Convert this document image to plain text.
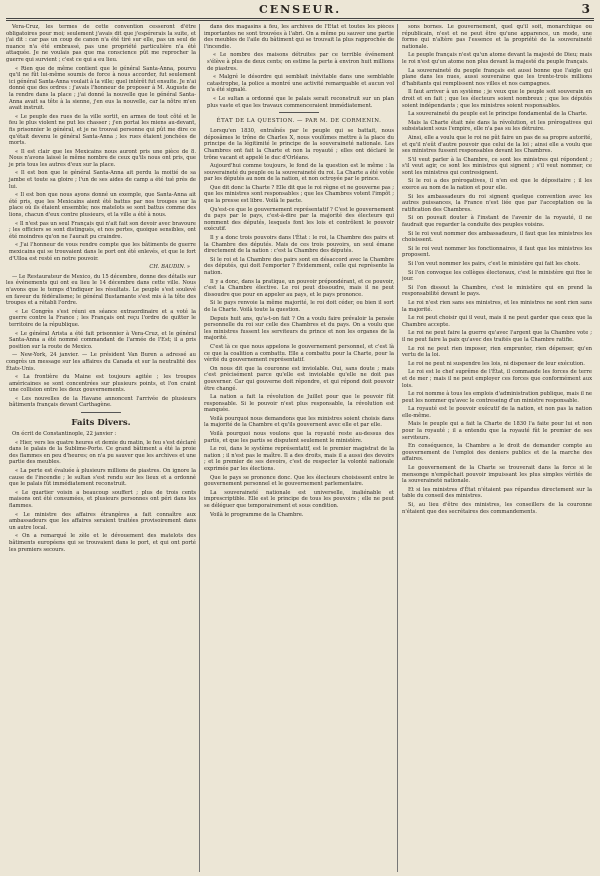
CENSEUR.	3

Vera-Cruz, les termes de cette convention cesseront d'être obligatoires pour moi; seulement j'avais dit que j'espérerais la suite, et j'ai dit : car pas un coup de canon n'a été tiré sur elle, pas un seul de nuance n'a été embrassé, pas une propriété particulière n'a été attaquée. Je ne voulais pas que ma conscience pût me reprocher la guerre qui survient ; c'est ce qui a eu lieu.

« Rien que de même contient que le général Santa-Anna, pourvu qu'il ne fût lui-même soumis de force à nous accorder, fut seulement ici général Santa-Anna voulait à la ville; quel intérêt fut ensuite. Je n'ai donné que des ordres : j'avais l'honneur de proposer à M. Auguste de la rendre dans la place ; j'ai donné la nouvelle que le général Santa-Anna avait sa tête à la sienne, j'en eus la nouvelle, car la nôtre m'en avait instruit.

« Le peuple des rues de la ville sortit, en armes de tout côté et le feu le plus violent ne put les chasser ; j'en portai les miens au-devant, fis prisonnier le général, et je ne trouvai personne qui pût me dire ce qu'était devenu le général Santa-Anna ; les rues étaient jonchées de morts.

« Il est clair que les Mexicains nous auront pris une pièce de 8. Nous n'avons laissé le même nombre de ceux qu'ils nous ont pris, que je pris tous les autres d'eux sur la place.

« Il est bon que le général Santa-Anna ait perdu la moitié de sa jambe et toute sa gloire ; l'un de ses aides de camp a été tué près de lui.

« Il est bon que nous ayons donné un exemple, que Santa-Anna ait été pris, que les Mexicains aient été battus par nos troupes sur la place où ils étaient ensemble; nos matelots se sont battus comme des lions, chacun d'eux contre plusieurs, et la ville a été à nous.

« Il n'est pas un seul Français qui n'ait fait son devoir avec bravoure ; les officiers se sont distingués, et nos pertes, quoique sensibles, ont été moindres qu'on ne l'aurait pu craindre.

« J'ai l'honneur de vous rendre compte que les bâtiments de guerre mexicains qui se trouvaient dans le port ont été enlevés, et que le fort d'Ulloa est resté en notre pouvoir.

CH. BAUDIN. »

— Le Restaurateur de Mexico, du 15 décembre, donne des détails sur les événements qui ont eu lieu le 14 décembre dans cette ville. Nous n'avons que le temps d'indiquer les résultats. Le peuple s'est soulevé en faveur du fédéralisme; le général Bustamante s'est mis à la tête des troupes et a rétabli l'ordre.

« Le Congrès s'est réuni en séance extraordinaire et a voté la guerre contre la France ; les Français ont reçu l'ordre de quitter le territoire de la république.

« Le général Arista a été fait prisonnier à Vera-Cruz, et le général Santa-Anna a été nommé commandant de l'armée de l'Est; il a pris position sur la route de Mexico.

— New-York, 24 janvier. — Le président Van Buren a adressé au congrès un message sur les affaires du Canada et sur la neutralité des États-Unis.

« La frontière du Maine est toujours agitée ; les troupes américaines se sont concentrées sur plusieurs points, et l'on craint une collision entre les deux gouvernements.

« Les nouvelles de la Havane annoncent l'arrivée de plusieurs bâtiments français devant Carthagène.

Faits Divers.

On écrit de Constantinople, 22 janvier :

« Hier, vers les quatre heures et demie du matin, le feu s'est déclaré dans le palais de la Sublime-Porte. Ce grand bâtiment a été la proie des flammes en peu d'heures; on n'a pu sauver que les archives et une partie des meubles.

« La perte est évaluée à plusieurs millions de piastres. On ignore la cause de l'incendie ; le sultan s'est rendu sur les lieux et a ordonné que le palais fût immédiatement reconstruit.

« Le quartier voisin a beaucoup souffert ; plus de trois cents maisons ont été consumées, et plusieurs personnes ont péri dans les flammes.

« Le ministre des affaires étrangères a fait connaître aux ambassadeurs que les affaires seraient traitées provisoirement dans un autre local.

« On a remarqué le zèle et le dévouement des matelots des bâtiments européens qui se trouvaient dans le port, et qui ont porté les premiers secours.

dans des magasins à feu, les archives de l'État et toutes les pièces importantes ne sont trouvées à l'abri. On a même pu sauver une partie des meubles de l'aile du bâtiment qui se trouvait la plus rapprochée de l'incendie.

« Le nombre des maisons détruites par ce terrible événement s'élève à plus de deux cents; on estime la perte à environ huit millions de piastres.

« Malgré le désordre qui semblait inévitable dans une semblable catastrophe, la police a montré une activité remarquable et aucun vol n'a été signalé.

« Le sultan a ordonné que le palais serait reconstruit sur un plan plus vaste et que les travaux commenceraient immédiatement.

ÉTAT DE LA QUESTION. — PAR M. DE CORMENIN.

Lorsqu'en 1830, entraînés par le peuple qui se battait, nous déposâmes le trône de Charles X, nous voulûmes mettre à la place du principe de la légitimité le principe de la souveraineté nationale. Les Chambres ont fait la Charte et non la royauté ; elles ont déclaré le trône vacant et appelé le duc d'Orléans.

Aujourd'hui comme toujours, le fond de la question est le même : la souveraineté du peuple ou la souveraineté du roi. La Charte a été votée par les députés au nom de la nation, et non octroyée par le prince.

Que dit donc la Charte ? Elle dit que le roi règne et ne gouverne pas ; que les ministres sont responsables ; que les Chambres votent l'impôt ; que la presse est libre. Voilà le pacte.

Qu'est-ce que le gouvernement représentatif ? C'est le gouvernement du pays par le pays, c'est-à-dire par la majorité des électeurs qui nomment des députés, lesquels font les lois et contrôlent le pouvoir exécutif.

Il y a donc trois pouvoirs dans l'État : le roi, la Chambre des pairs et la Chambre des députés. Mais de ces trois pouvoirs, un seul émane directement de la nation : c'est la Chambre des députés.

Si le roi et la Chambre des pairs sont en désaccord avec la Chambre des députés, qui doit l'emporter ? Évidemment, celle qui représente la nation.

Il y a donc, dans la pratique, un pouvoir prépondérant, et ce pouvoir, c'est la Chambre élective. Le roi peut dissoudre, mais il ne peut dissoudre que pour en appeler au pays, et le pays prononce.

Si le pays renvoie la même majorité, le roi doit céder, ou bien il sort de la Charte. Voilà toute la question.

Depuis huit ans, qu'a-t-on fait ? On a voulu faire prévaloir la pensée personnelle du roi sur celle des Chambres et du pays. On a voulu que les ministres fussent les serviteurs du prince et non les organes de la majorité.

C'est là ce que nous appelons le gouvernement personnel, et c'est là ce que la coalition a combattu. Elle a combattu pour la Charte, pour la vérité du gouvernement représentatif.

On nous dit que la couronne est inviolable. Oui, sans doute ; mais c'est précisément parce qu'elle est inviolable qu'elle ne doit pas gouverner. Car qui gouverne doit répondre, et qui répond doit pouvoir être changé.

La nation a fait la révolution de Juillet pour que le pouvoir fût responsable. Si le pouvoir n'est plus responsable, la révolution est manquée.

Voilà pourquoi nous demandons que les ministres soient choisis dans la majorité de la Chambre et qu'ils gouvernent avec elle et par elle.

Voilà pourquoi nous voulons que la royauté reste au-dessus des partis, et que les partis se disputent seulement le ministère.

Le roi, dans le système représentatif, est le premier magistrat de la nation ; il n'est pas le maître. Il a des droits, mais il a aussi des devoirs ; et le premier de ses devoirs, c'est de respecter la volonté nationale exprimée par les élections.

Que le pays se prononce donc. Que les électeurs choisissent entre le gouvernement personnel et le gouvernement parlementaire.

La souveraineté nationale est universelle, inaliénable et imprescriptible. Elle est le principe de tous les pouvoirs ; elle ne peut se déléguer que temporairement et sous condition.

Voilà le programme de la Chambre.

sons bornes. Le gouvernement, quel qu'il soit, monarchique ou républicain, n'est et ne peut être qu'une apparence, un mode, une forme qui n'altère pas l'essence et la propriété de la souveraineté nationale.

Le peuple français n'est qu'un atome devant la majesté de Dieu; mais le roi n'est qu'un atome non plus devant la majesté du peuple français.

La souveraineté du peuple français est aussi bonne que l'aigle qui plane dans les nues, aussi souveraine que les trente-trois millions d'habitants qui remplissent nos villes et nos campagnes.

Il faut arriver à un système ; je veux que le peuple soit souverain en droit et en fait ; que les électeurs soient nombreux ; que les députés soient indépendants ; que les ministres soient responsables.

La souveraineté du peuple est le principe fondamental de la Charte.

Mais la Charte était née dans la révolution, et les prérogatives qui subsistaient sous l'empire, elle n'a pas su les détruire.

Ainsi, elle a voulu que le roi ne pût faire un pas de sa propre autorité, et qu'il n'eût d'autre pouvoir que celui de la loi ; ainsi elle a voulu que ses ministres fussent responsables devant les Chambres.

S'il veut parler à la Chambre, ce sont les ministres qui répondent ; s'il veut agir, ce sont les ministres qui signent ; s'il veut nommer, ce sont les ministres qui contresignent.

Si le roi a des prérogatives, il n'en est que le dépositaire ; il les exerce au nom de la nation et pour elle.

Si les ambassadeurs du roi signent quelque convention avec les autres puissances, la France n'est liée que par l'acceptation ou la ratification des Chambres.

Si on pouvait douter à l'instant de l'avenir de la royauté, il ne faudrait que regarder la conduite des peuples voisins.

Si le roi veut nommer des ambassadeurs, il faut que les ministres les choisissent.

Si le roi veut nommer les fonctionnaires, il faut que les ministres les proposent.

Si l'on veut nommer les pairs, c'est le ministère qui fait les choix.

Si l'on convoque les collèges électoraux, c'est le ministère qui fixe le jour.

Si l'on dissout la Chambre, c'est le ministère qui en prend la responsabilité devant le pays.

Le roi n'est rien sans ses ministres, et les ministres ne sont rien sans la majorité.

Le roi peut choisir qui il veut, mais il ne peut garder que ceux que la Chambre accepte.

Le roi ne peut faire la guerre qu'avec l'argent que la Chambre vote ; il ne peut faire la paix qu'avec des traités que la Chambre ratifie.

Le roi ne peut rien imposer, rien emprunter, rien dépenser, qu'en vertu de la loi.

Le roi ne peut ni suspendre les lois, ni dispenser de leur exécution.

Le roi est le chef suprême de l'État, il commande les forces de terre et de mer ; mais il ne peut employer ces forces que conformément aux lois.

Le roi nomme à tous les emplois d'administration publique, mais il ne peut les nommer qu'avec le contreseing d'un ministre responsable.

La royauté est le pouvoir exécutif de la nation, et non pas la nation elle-même.

Mais le peuple qui a fait la Charte de 1830 l'a faite pour lui et non pour la royauté ; il a entendu que la royauté fût le premier de ses serviteurs.

En conséquence, la Chambre a le droit de demander compte au gouvernement de l'emploi des deniers publics et de la marche des affaires.

Le gouvernement de la Charte se trouverait dans la force si le mensonge n'empêchait pouvoir impuissant les plus simples vérités de la souveraineté nationale.

Et si les ministres d'État n'étaient pas répandus directement sur la table du conseil des ministres.

Si, au lieu d'être des ministres, les conseillers de la couronne n'étaient que des secrétaires des commandements.
